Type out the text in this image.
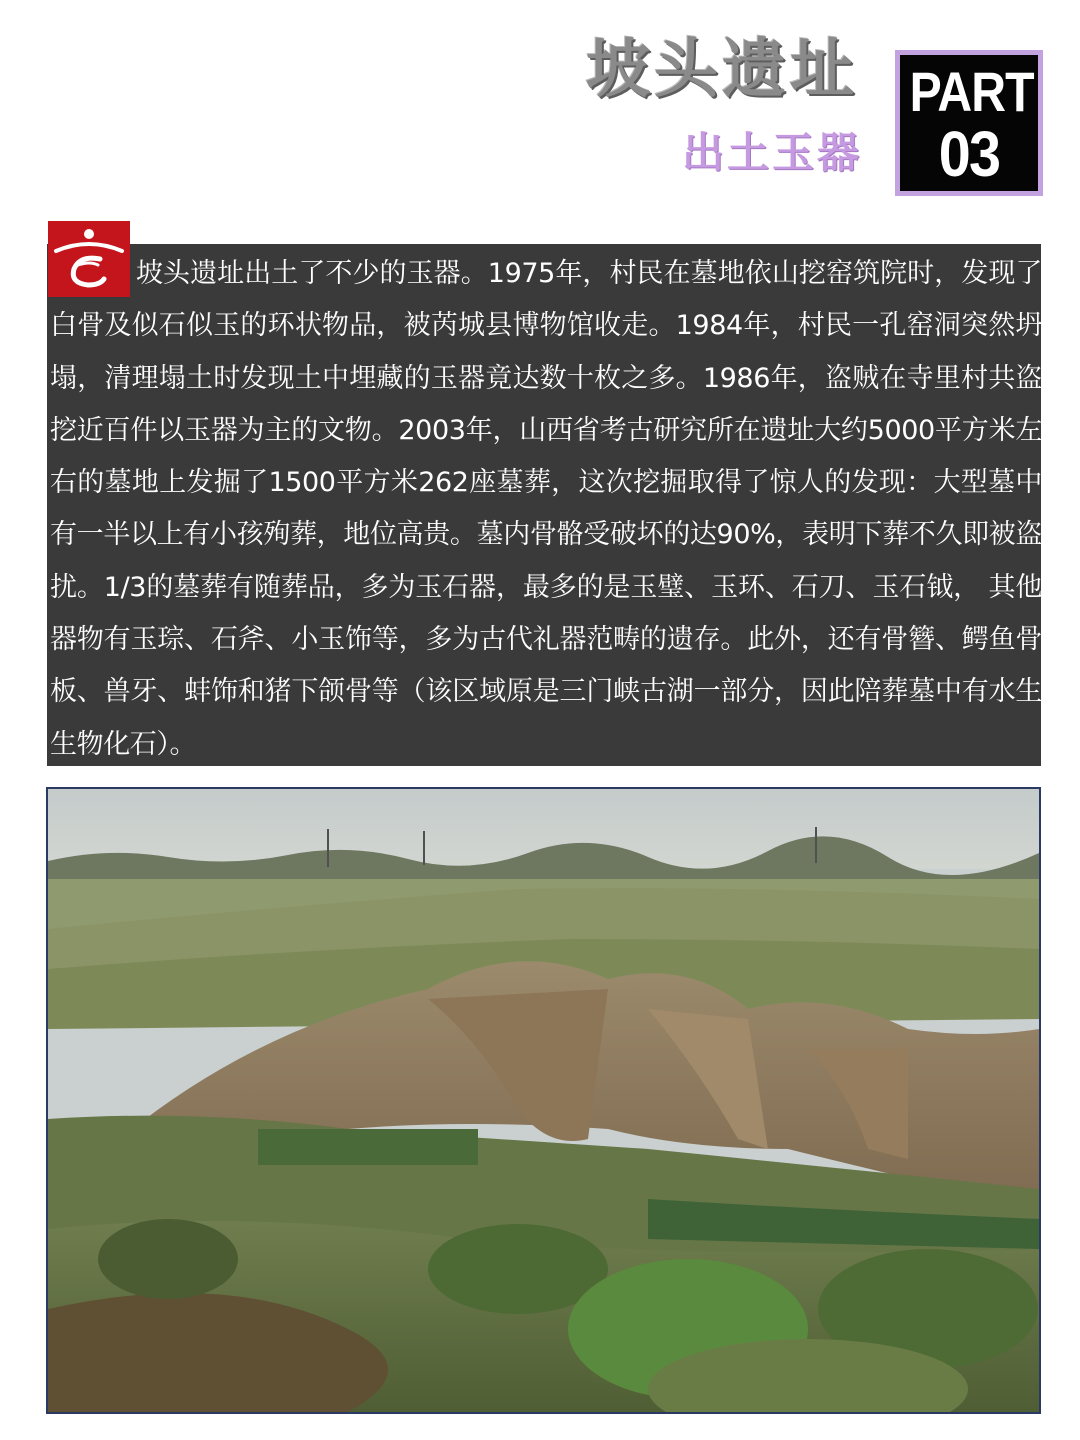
坡头遗址
出土玉器
PART
03

坡头遗址出土了不少的玉器。1975年，村民在墓地依山挖窑筑院时，发现了白骨及似石似玉的环状物品，被芮城县博物馆收走。1984年，村民一孔窑洞突然坍塌，清理塌土时发现土中埋藏的玉器竟达数十枚之多。1986年，盗贼在寺里村共盗挖近百件以玉器为主的文物。2003年，山西省考古研究所在遗址大约5000平方米左右的墓地上发掘了1500平方米262座墓葬，这次挖掘取得了惊人的发现：大型墓中有一半以上有小孩殉葬，地位高贵。墓内骨骼受破坏的达90%，表明下葬不久即被盗扰。1/3的墓葬有随葬品，多为玉石器，最多的是玉璧、玉环、石刀、玉石钺， 其他器物有玉琮、石斧、小玉饰等，多为古代礼器范畴的遗存。此外，还有骨簪、鳄鱼骨板、兽牙、蚌饰和猪下颌骨等（该区域原是三门峡古湖一部分，因此陪葬墓中有水生生物化石）。
